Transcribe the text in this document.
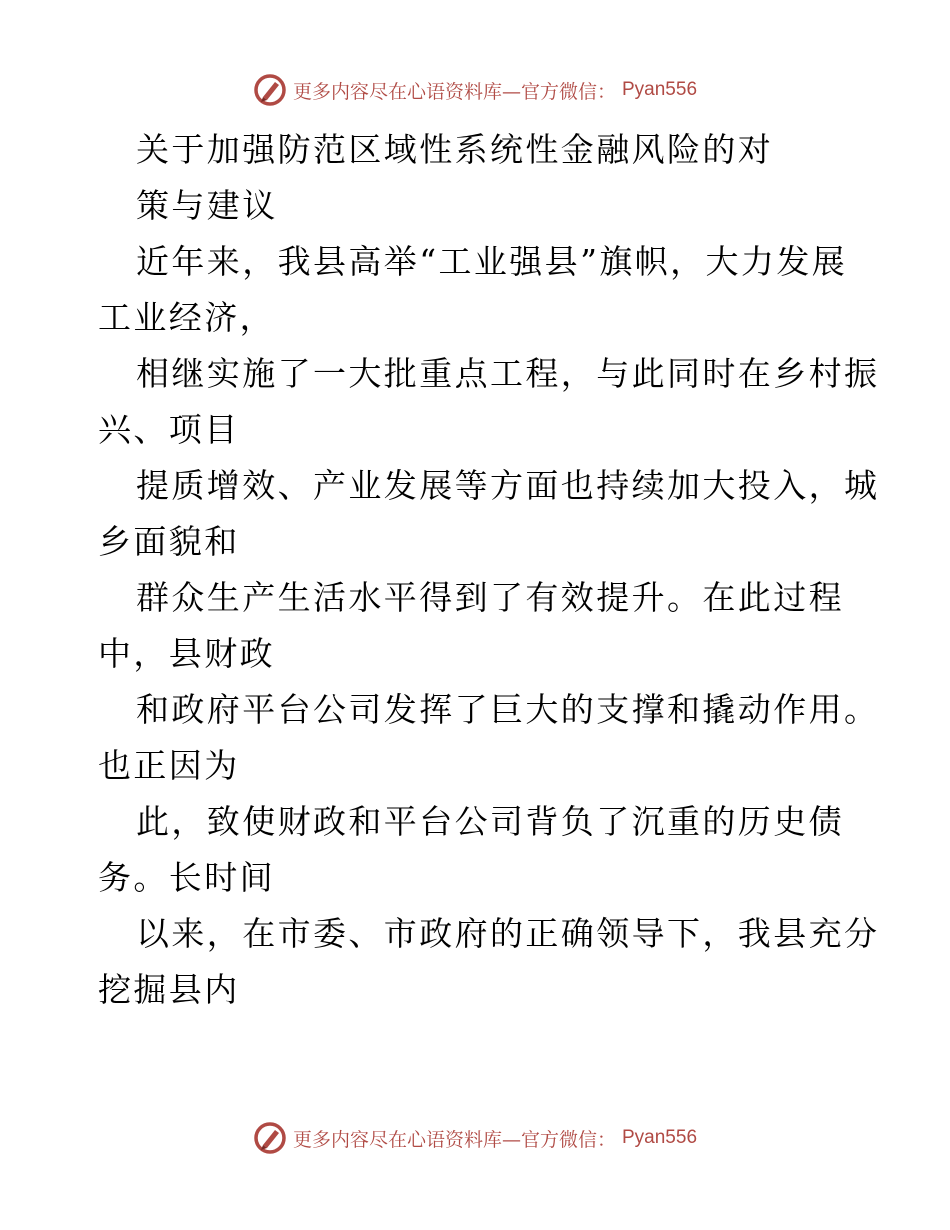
更多内容尽在心语资料库—官方微信： Pyan556
关于加强防范区域性系统性金融风险的对
策与建议
近年来，我县高举“工业强县”旗帜，大力发展
工业经济，
相继实施了一大批重点工程，与此同时在乡村振
兴、项目
提质增效、产业发展等方面也持续加大投入，城
乡面貌和
群众生产生活水平得到了有效提升。在此过程
中，县财政
和政府平台公司发挥了巨大的支撑和撬动作用。
也正因为
此，致使财政和平台公司背负了沉重的历史债
务。长时间
以来，在市委、市政府的正确领导下，我县充分
挖掘县内
更多内容尽在心语资料库—官方微信： Pyan556
